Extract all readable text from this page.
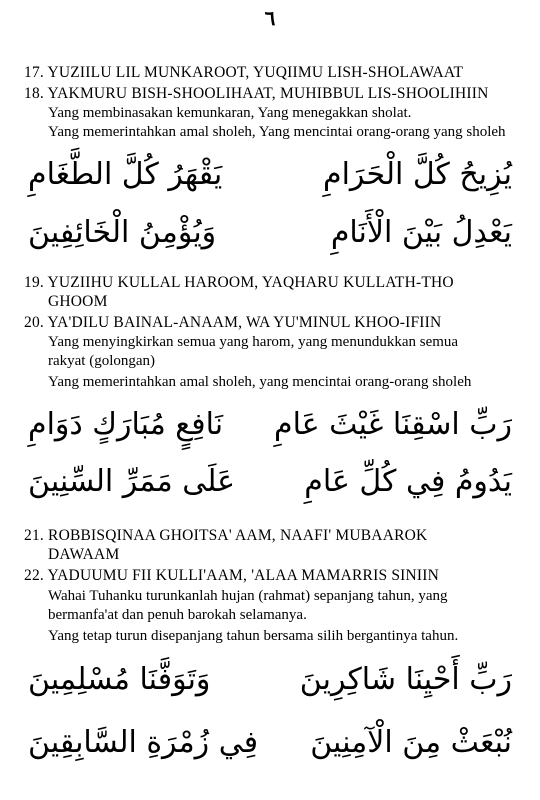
٦
17. YUZIILU LIL MUNKAROOT, YUQIIMU LISH-SHOLAWAAT
18. YAKMURU BISH-SHOOLIHAAT, MUHIBBUL LIS-SHOOLIHIIN
Yang membinasakan kemunkaran, Yang menegakkan sholat.
Yang memerintahkan amal sholeh, Yang mencintai orang-orang yang sholeh
يُزِيحُ كُلَّ الْحَرَامِ
يَقْهَرُ كُلَّ الطَّغَامِ
يَعْدِلُ بَيْنَ الْأَنَامِ
وَيُؤْمِنُ الْخَائِفِينَ
19. YUZIIHU KULLAL HAROOM, YAQHARU KULLATH-THO
GHOOM
20. YA'DILU BAINAL-ANAAM, WA YU'MINUL KHOO-IFIIN
Yang menyingkirkan semua yang harom, yang menundukkan semua
rakyat (golongan)
Yang memerintahkan amal sholeh, yang mencintai orang-orang sholeh
رَبِّ اسْقِنَا غَيْثَ عَامِ
نَافِعٍ مُبَارَكٍ دَوَامِ
يَدُومُ فِي كُلِّ عَامِ
عَلَى مَمَرِّ السِّنِينَ
21. ROBBISQINAA GHOITSA' AAM, NAAFI' MUBAAROK
DAWAAM
22. YADUUMU FII KULLI'AAM, 'ALAA MAMARRIS SINIIN
Wahai Tuhanku turunkanlah hujan (rahmat) sepanjang tahun, yang
bermanfa'at dan penuh barokah selamanya.
Yang tetap turun disepanjang tahun bersama silih bergantinya tahun.
رَبِّ أَحْيِنَا شَاكِرِينَ
وَتَوَفَّنَا مُسْلِمِينَ
نُبْعَثْ مِنَ الْآمِنِينَ
فِي زُمْرَةِ السَّابِقِينَ
